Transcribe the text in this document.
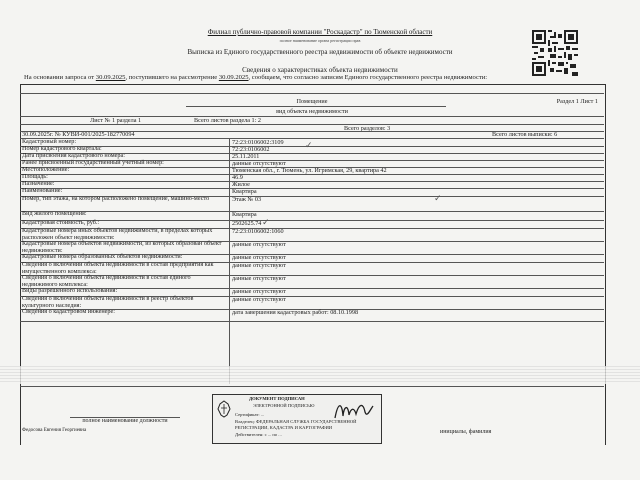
Филиал публично-правовой компании "Роскадастр" по Тюменской области
полное наименование органа регистрации прав
Выписка из Единого государственного реестра недвижимости об объекте недвижимости
Сведения о характеристиках объекта недвижимости
На основании запроса от 30.09.2025, поступившего на рассмотрение 30.09.2025, сообщаем, что согласно записям Единого государственного реестра недвижимости:
Помещение	Раздел 1 Лист 1
вид объекта недвижимости
Лист № 1 раздела 1	Всего листов раздела 1: 2
Всего разделов: 3
30.09.2025г. № КУВИ-001/2025-182770094	Всего листов выписки: 6
Кадастровый номер:	72:23:0106002:3109
Номер кадастрового квартала:	72:23:0106002
Дата присвоения кадастрового номера:	25.11.2011
Ранее присвоенный государственный учетный номер:	данные отсутствуют
Местоположение:	Тюменская обл., г. Тюмень, ул. Игримская, 29, квартира 42
Площадь:	46.9
Назначение:	Жилое
Наименование:	Квартира
Номер, тип этажа, на котором расположено помещение, машино-место	Этаж № 03
Вид жилого помещения:	Квартира
Кадастровая стоимость, руб.:	2502625.74
Кадастровые номера иных объектов недвижимости, в пределах которых расположен объект недвижимости:
72:23:0106002:1060
Кадастровые номера объектов недвижимости, из которых образован объект недвижимости:
данные отсутствуют
Кадастровые номера образованных объектов недвижимости:	данные отсутствуют
Сведения о включении объекта недвижимости в состав предприятия как имущественного комплекса:
данные отсутствуют
Сведения о включении объекта недвижимости в состав единого недвижимого комплекса:
данные отсутствуют
Виды разрешенного использования:	данные отсутствуют
Сведения о включении объекта недвижимости в реестр объектов культурного наследия:
данные отсутствуют
Сведения о кадастровом инженере:	дата завершения кадастровых работ: 08.10.1998
✓
✓
✓
ДОКУМЕНТ ПОДПИСАН
ЭЛЕКТРОННОЙ ПОДПИСЬЮ
Сертификат: ...
Владелец: ФЕДЕРАЛЬНАЯ СЛУЖБА ГОСУДАРСТВЕННОЙ
РЕГИСТРАЦИИ, КАДАСТРА И КАРТОГРАФИИ
Действителен: с ... по ...
полное наименование должности
Федосова Евгения Георгиевна	инициалы, фамилия
